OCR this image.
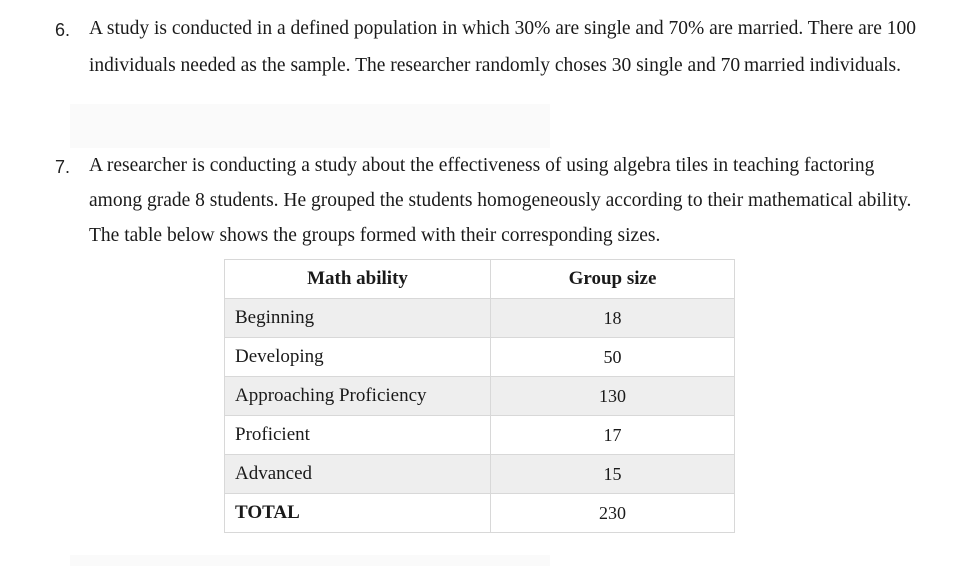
6. A study is conducted in a defined population in which 30% are single and 70% are married. There are 100
individuals needed as the sample. The researcher randomly choses 30 single and 70 married individuals.
7. A researcher is conducting a study about the effectiveness of using algebra tiles in teaching factoring
among grade 8 students. He grouped the students homogeneously according to their mathematical ability.
The table below shows the groups formed with their corresponding sizes.
Math ability	Group size
Beginning	18
Developing	50
Approaching Proficiency	130
Proficient	17
Advanced	15
TOTAL	230
